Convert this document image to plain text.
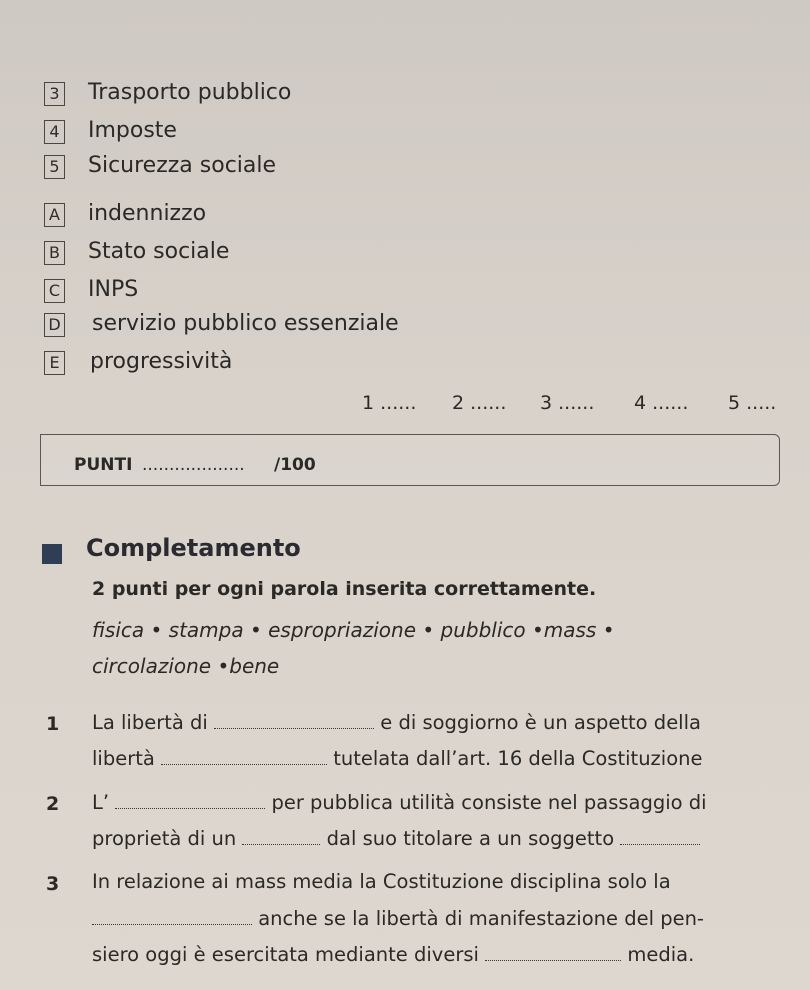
3 Trasporto pubblico
4 Imposte
5 Sicurezza sociale
A indennizzo
B Stato sociale
C INPS
D servizio pubblico essenziale
E progressività
1 ...... 2 ...... 3 ...... 4 ...... 5 .....
PUNTI ................... /100
Completamento
2 punti per ogni parola inserita correttamente.
fisica • stampa • espropriazione • pubblico •mass •
circolazione •bene
1 La libertà di	e di soggiorno è un aspetto della
libertà	tutelata dall’art. 16 della Costituzione
2 L’	per pubblica utilità consiste nel passaggio di
proprietà di un	dal suo titolare a un soggetto
3 In relazione ai mass media la Costituzione disciplina solo la
anche se la libertà di manifestazione del pen-
siero oggi è esercitata mediante diversi	media.
